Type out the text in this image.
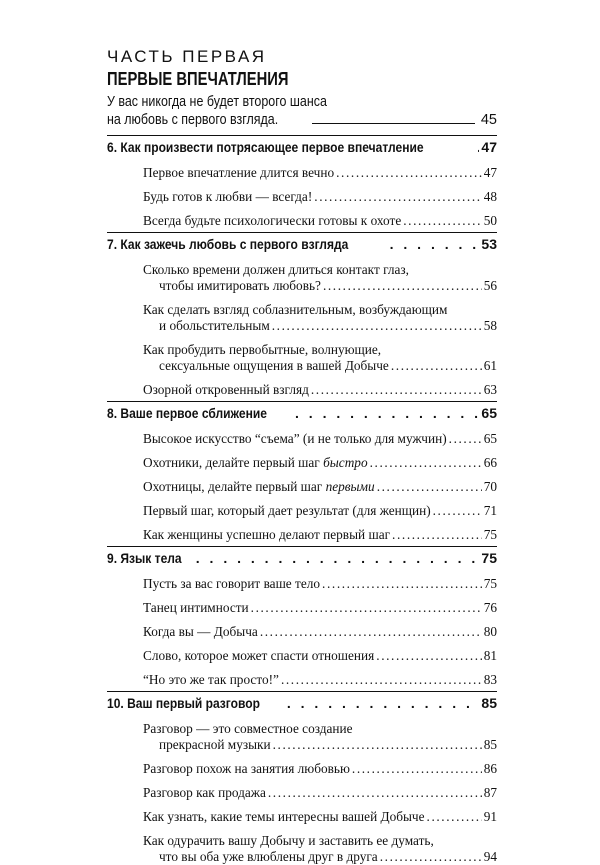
ЧАСТЬ ПЕРВАЯ
ПЕРВЫЕ ВПЕЧАТЛЕНИЯ
У вас никогда не будет второго шанса
на любовь с первого взгляда.	45
6. Как произвести потрясающее первое впечатление . . .	47
Первое впечатление длится вечно .....	47
Будь готов к любви — всегда! .....	48
Всегда будьте психологически готовы к охоте .....	50
7. Как зажечь любовь с первого взгляда . . .	53
Сколько времени должен длиться контакт глаз,
чтобы имитировать любовь? .....	56
Как сделать взгляд соблазнительным, возбуждающим
и обольстительным .....	58
Как пробудить первобытные, волнующие,
сексуальные ощущения в вашей Добыче .....	61
Озорной откровенный взгляд .....	63
8. Ваше первое сближение . . .	65
Высокое искусство “съема” (и не только для мужчин) .....	65
Охотники, делайте первый шаг быстро .....	66
Охотницы, делайте первый шаг первыми .....	70
Первый шаг, который дает результат (для женщин) .....	71
Как женщины успешно делают первый шаг .....	75
9. Язык тела . . .	75
Пусть за вас говорит ваше тело .....	75
Танец интимности .....	76
Когда вы — Добыча .....	80
Слово, которое может спасти отношения .....	81
“Но это же так просто!” .....	83
10. Ваш первый разговор . . .	85
Разговор — это совместное создание
прекрасной музыки .....	85
Разговор похож на занятия любовью .....	86
Разговор как продажа .....	87
Как узнать, какие темы интересны вашей Добыче .....	91
Как одурачить вашу Добычу и заставить ее думать,
что вы оба уже влюблены друг в друга .....	94
